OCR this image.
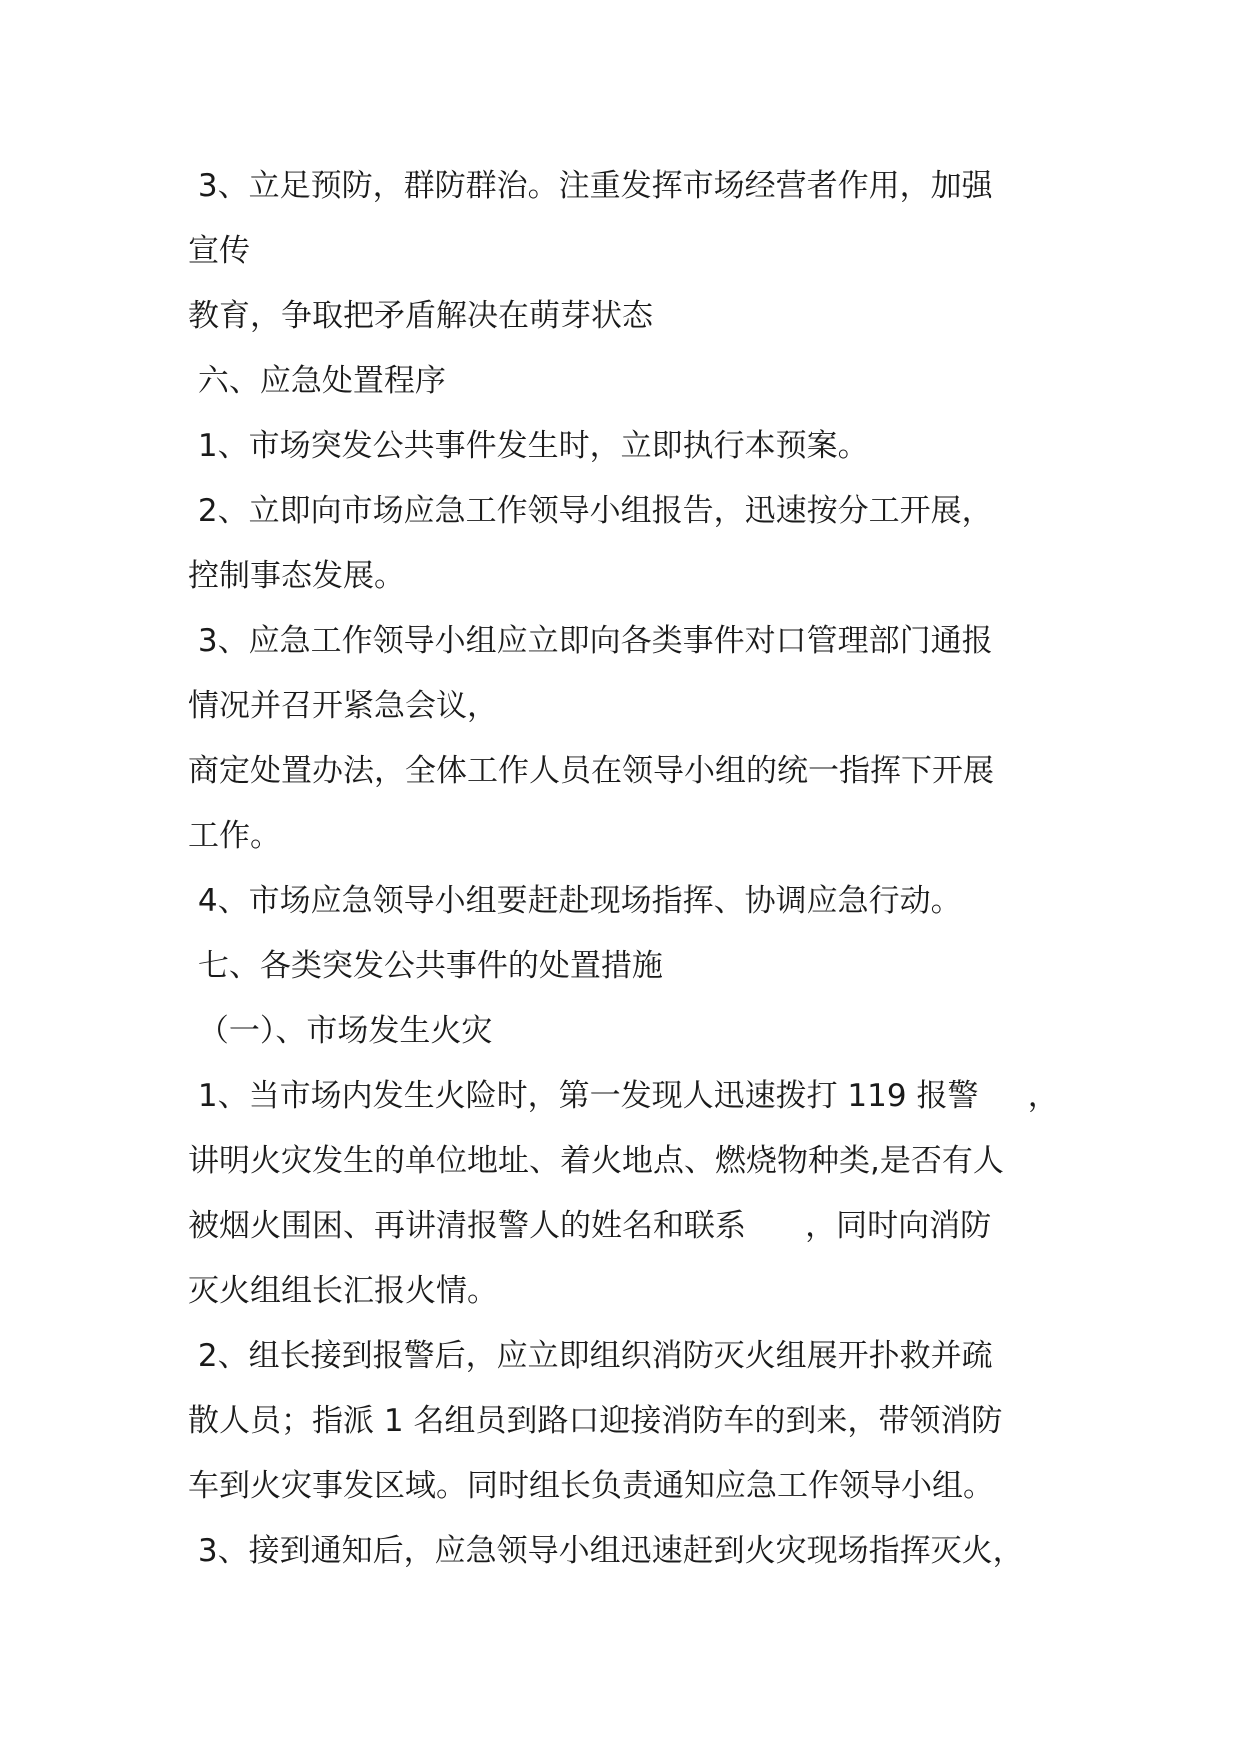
3、立足预防，群防群治。注重发挥市场经营者作用，加强
宣传
教育，争取把矛盾解决在萌芽状态
六、应急处置程序
1、市场突发公共事件发生时，立即执行本预案。
2、立即向市场应急工作领导小组报告，迅速按分工开展，
控制事态发展。
3、应急工作领导小组应立即向各类事件对口管理部门通报
情况并召开紧急会议，
商定处置办法，全体工作人员在领导小组的统一指挥下开展
工作。
4、市场应急领导小组要赶赴现场指挥、协调应急行动。
七、各类突发公共事件的处置措施
（一）、市场发生火灾
1、当市场内发生火险时，第一发现人迅速拨打 119 报警     ，
讲明火灾发生的单位地址、着火地点、燃烧物种类,是否有人
被烟火围困、再讲清报警人的姓名和联系      ，同时向消防
灭火组组长汇报火情。
2、组长接到报警后，应立即组织消防灭火组展开扑救并疏
散人员；指派 1 名组员到路口迎接消防车的到来，带领消防
车到火灾事发区域。同时组长负责通知应急工作领导小组。
3、接到通知后，应急领导小组迅速赶到火灾现场指挥灭火，
